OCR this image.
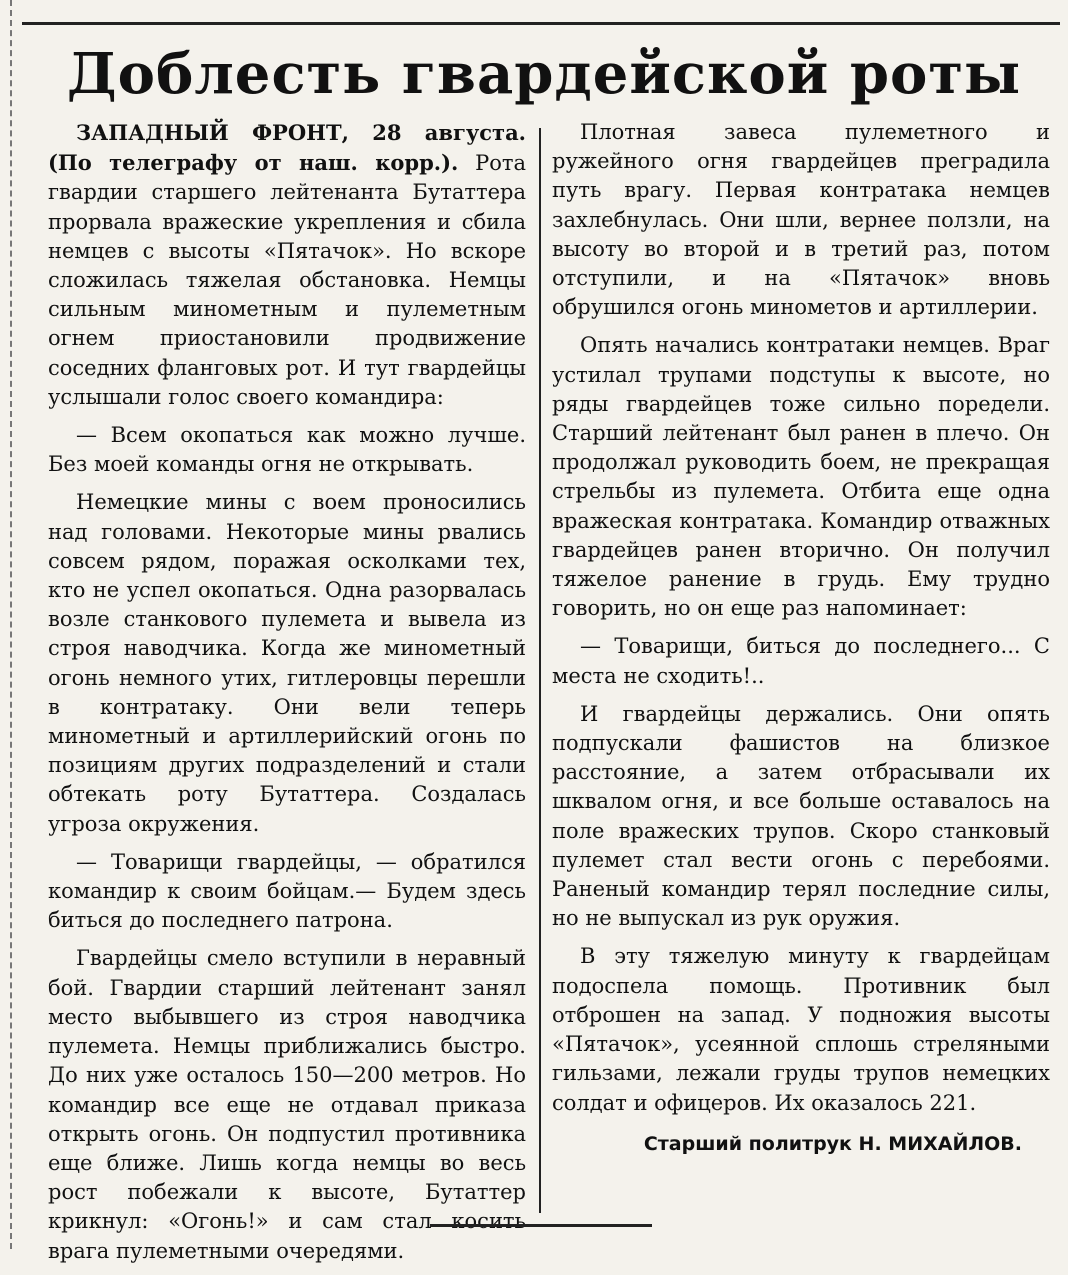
Доблесть гвардейской роты

ЗАПАДНЫЙ ФРОНТ, 28 августа. (По телеграфу от наш. корр.). Рота гвардии старшего лейтенанта Бутаттера прорвала вражеские укрепления и сбила немцев с высоты «Пятачок». Но вскоре сложилась тяжелая обстановка. Немцы сильным минометным и пулеметным огнем приостановили продвижение соседних фланговых рот. И тут гвардейцы услышали голос своего командира:

— Всем окопаться как можно лучше. Без моей команды огня не открывать.

Немецкие мины с воем проносились над головами. Некоторые мины рвались совсем рядом, поражая осколками тех, кто не успел окопаться. Одна разорвалась возле станкового пулемета и вывела из строя наводчика. Когда же минометный огонь немного утих, гитлеровцы перешли в контратаку. Они вели теперь минометный и артиллерийский огонь по позициям других подразделений и стали обтекать роту Бутаттера. Создалась угроза окружения.

— Товарищи гвардейцы, — обратился командир к своим бойцам.— Будем здесь биться до последнего патрона.

Гвардейцы смело вступили в неравный бой. Гвардии старший лейтенант занял место выбывшего из строя наводчика пулемета. Немцы приближались быстро. До них уже осталось 150—200 метров. Но командир все еще не отдавал приказа открыть огонь. Он подпустил противника еще ближе. Лишь когда немцы во весь рост побежали к высоте, Бутаттер крикнул: «Огонь!» и сам стал косить врага пулеметными очередями.

Плотная завеса пулеметного и ружейного огня гвардейцев преградила путь врагу. Первая контратака немцев захлебнулась. Они шли, вернее ползли, на высоту во второй и в третий раз, потом отступили, и на «Пятачок» вновь обрушился огонь минометов и артиллерии.

Опять начались контратаки немцев. Враг устилал трупами подступы к высоте, но ряды гвардейцев тоже сильно поредели. Старший лейтенант был ранен в плечо. Он продолжал руководить боем, не прекращая стрельбы из пулемета. Отбита еще одна вражеская контратака. Командир отважных гвардейцев ранен вторично. Он получил тяжелое ранение в грудь. Ему трудно говорить, но он еще раз напоминает:

— Товарищи, биться до последнего... С места не сходить!..

И гвардейцы держались. Они опять подпускали фашистов на близкое расстояние, а затем отбрасывали их шквалом огня, и все больше оставалось на поле вражеских трупов. Скоро станковый пулемет стал вести огонь с перебоями. Раненый командир терял последние силы, но не выпускал из рук оружия.

В эту тяжелую минуту к гвардейцам подоспела помощь. Противник был отброшен на запад. У подножия высоты «Пятачок», усеянной сплошь стреляными гильзами, лежали груды трупов немецких солдат и офицеров. Их оказалось 221.

Старший политрук Н. МИХАЙЛОВ.
